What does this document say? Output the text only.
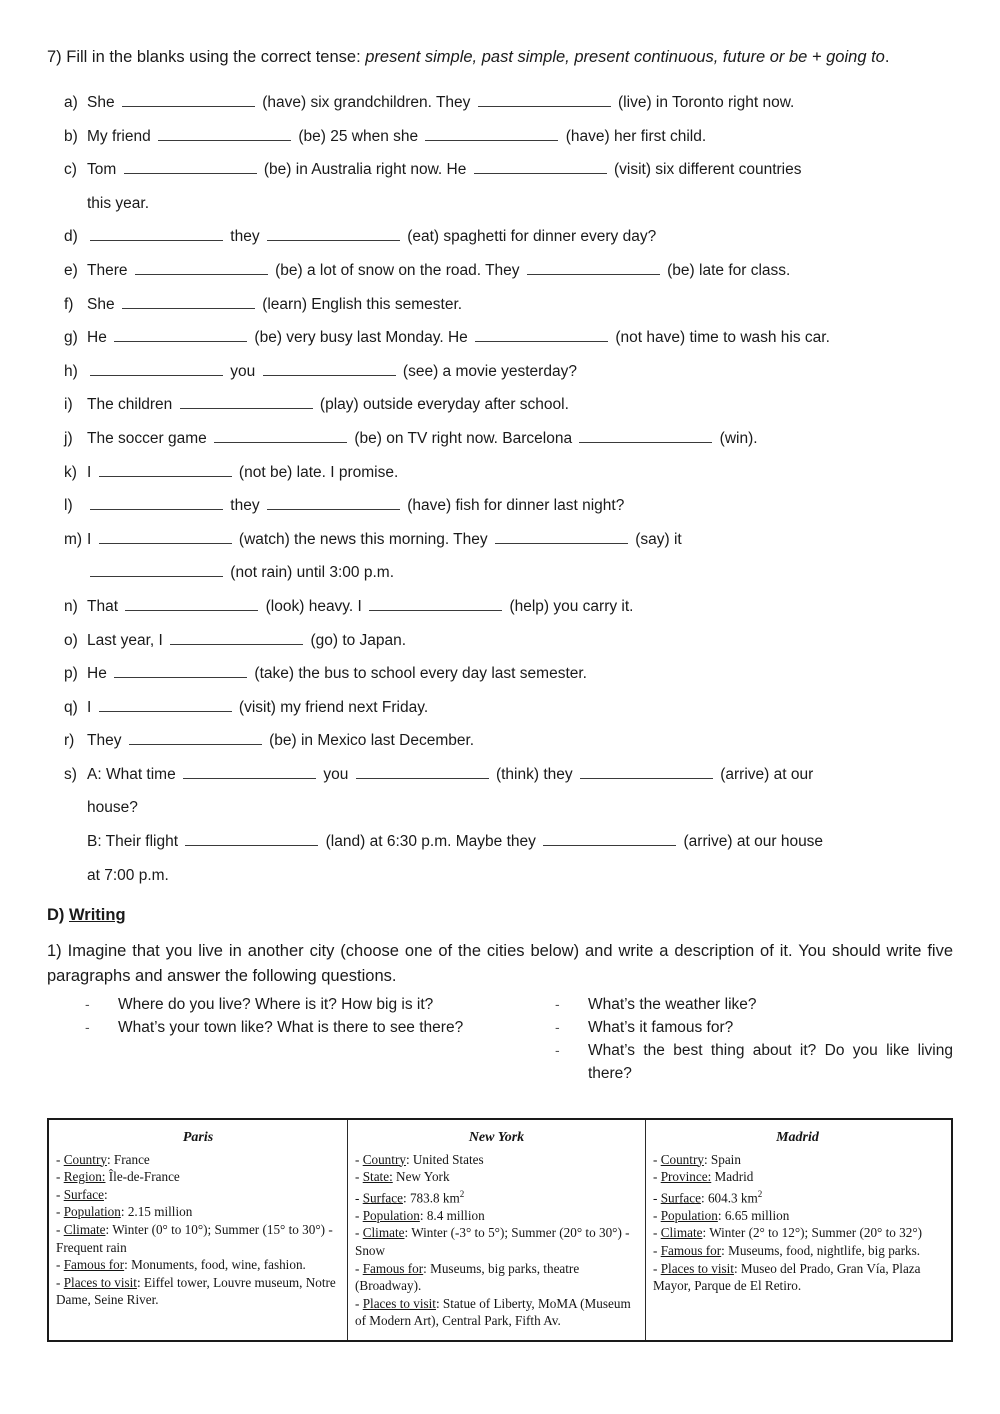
7) Fill in the blanks using the correct tense: present simple, past simple, present continuous, future or be + going to.

a) She	(have) six grandchildren. They	(live) in Toronto right now.
b) My friend	(be) 25 when she	(have) her first child.
c) Tom	(be) in Australia right now. He	(visit) six different countries
this year.
d)	they	(eat) spaghetti for dinner every day?
e) There	(be) a lot of snow on the road. They	(be) late for class.
f) She	(learn) English this semester.
g) He	(be) very busy last Monday. He	(not have) time to wash his car.
h)	you	(see) a movie yesterday?
i) The children	(play) outside everyday after school.
j) The soccer game	(be) on TV right now. Barcelona	(win).
k) I	(not be) late. I promise.
l)	they	(have) fish for dinner last night?
m) I	(watch) the news this morning. They	(say) it
(not rain) until 3:00 p.m.
n) That	(look) heavy. I	(help) you carry it.
o) Last year, I	(go) to Japan.
p) He	(take) the bus to school every day last semester.
q) I	(visit) my friend next Friday.
r) They	(be) in Mexico last December.
s) A: What time	you	(think) they	(arrive) at our
house?
B: Their flight	(land) at 6:30 p.m. Maybe they	(arrive) at our house
at 7:00 p.m.
D) Writing

1) Imagine that you live in another city (choose one of the cities below) and write a description of it. You should write five paragraphs and answer the following questions.

-	Where do you live? Where is it? How big is it?
-	What’s your town like? What is there to see there?
-	What’s the weather like?
-	What’s it famous for?
-	What’s the best thing about it? Do you like living there?
Paris
- Country: France
- Region: Île-de-France
- Surface:
- Population: 2.15 million
- Climate: Winter (0° to 10°); Summer (15° to 30°) - Frequent rain
- Famous for: Monuments, food, wine, fashion.
- Places to visit: Eiffel tower, Louvre museum, Notre Dame, Seine River.
New York
- Country: United States
- State: New York
- Surface: 783.8 $km^2$
- Population: 8.4 million
- Climate: Winter (-3° to 5°); Summer (20° to 30°) - Snow
- Famous for: Museums, big parks, theatre (Broadway).
- Places to visit: Statue of Liberty, MoMA (Museum of Modern Art), Central Park, Fifth Av.
Madrid
- Country: Spain
- Province: Madrid
- Surface: 604.3 $km^2$
- Population: 6.65 million
- Climate: Winter (2° to 12°); Summer (20° to 32°)
- Famous for: Museums, food, nightlife, big parks.
- Places to visit: Museo del Prado, Gran Vía, Plaza Mayor, Parque de El Retiro.
